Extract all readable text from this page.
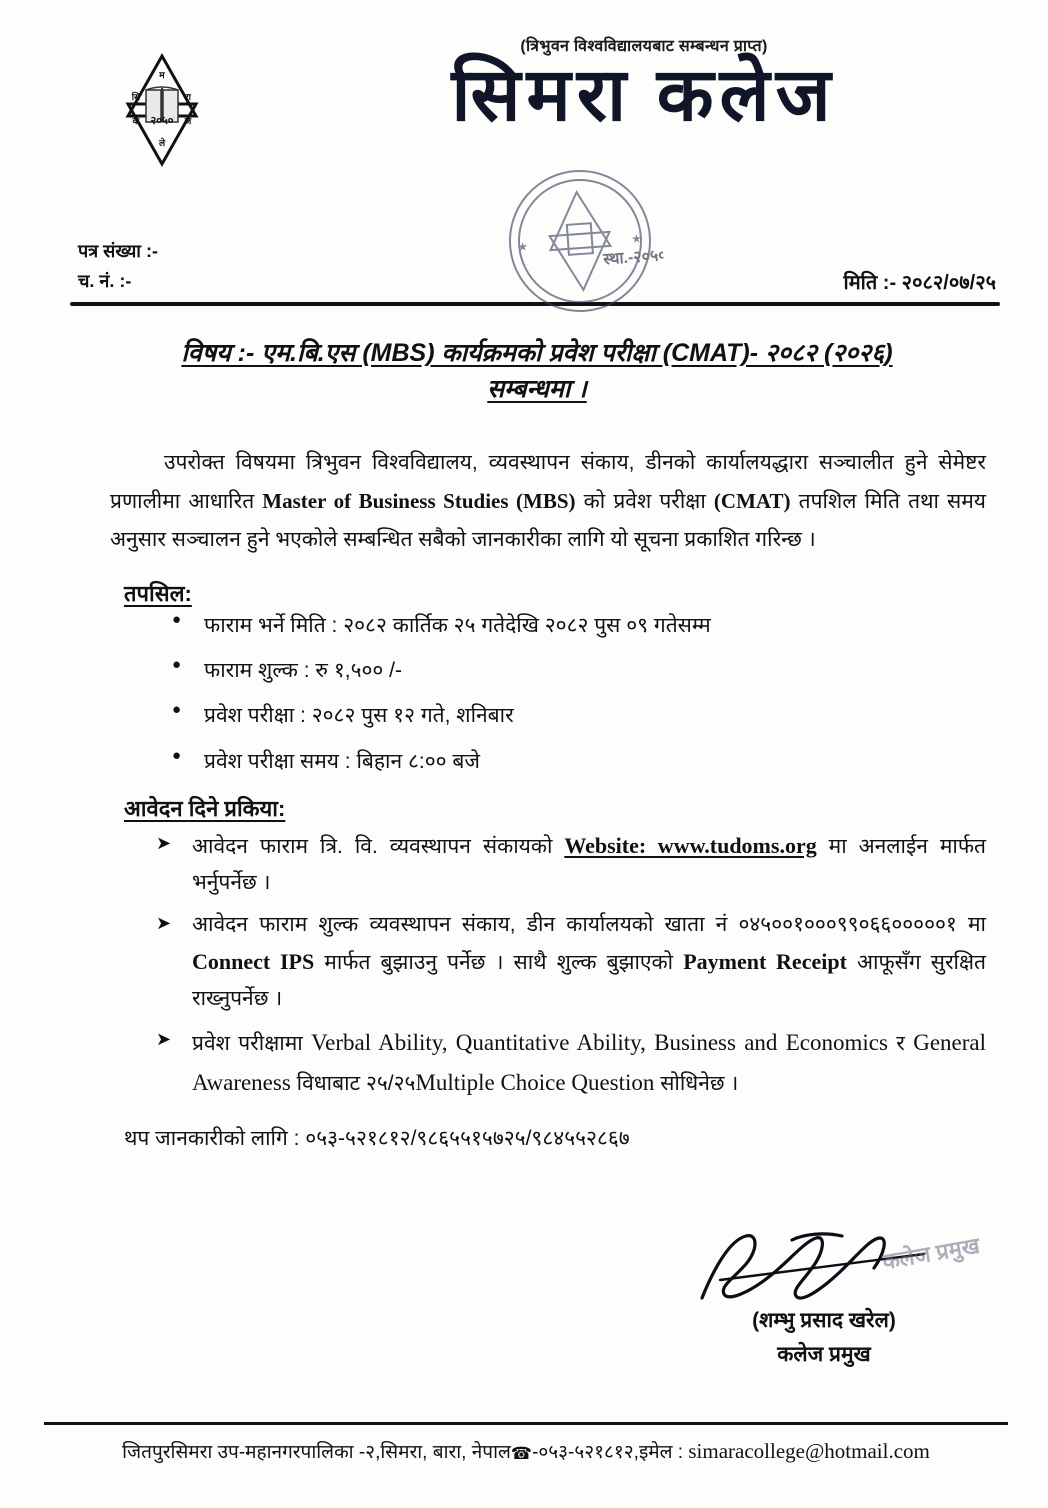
म
सि	रा
क	ज
ले
२०५०
★
★
स्था.-२०५०
(त्रिभुवन विश्वविद्यालयबाट सम्बन्धन प्राप्त)
सिमरा कलेज
पत्र संख्या :-
च. नं. :-	मिति :- २०८२/०७/२५
विषय :- एम.बि.एस (MBS) कार्यक्रमको प्रवेश परीक्षा (CMAT)- २०८२ (२०२६)
सम्बन्धमा ।

उपरोक्त विषयमा त्रिभुवन विश्वविद्यालय, व्यवस्थापन संकाय, डीनको कार्यालयद्धारा सञ्चालीत हुने सेमेष्टर प्रणालीमा आधारित Master of Business Studies (MBS) को प्रवेश परीक्षा (CMAT) तपशिल मिति तथा समय अनुसार सञ्चालन हुने भएकोले सम्बन्धित सबैको जानकारीका लागि यो सूचना प्रकाशित गरिन्छ ।

तपसिल:
● फाराम भर्ने मिति : २०८२ कार्तिक २५ गतेदेखि २०८२ पुस ०९ गतेसम्म
● फाराम शुल्क : रु १,५०० /-
● प्रवेश परीक्षा : २०८२ पुस १२ गते, शनिबार
● प्रवेश परीक्षा समय : बिहान ८:०० बजे
आवेदन दिने प्रकिया:
➤ आवेदन फाराम त्रि. वि. व्यवस्थापन संकायको Website: www.tudoms.org मा अनलाईन मार्फत भर्नुपर्नेछ ।
➤ आवेदन फाराम शुल्क व्यवस्थापन संकाय, डीन कार्यालयको खाता नं ०४५००१०००९९०६६०००००१ मा Connect IPS मार्फत बुझाउनु पर्नेछ । साथै शुल्क बुझाएको Payment Receipt आफूसँग सुरक्षित राख्नुपर्नेछ ।
➤ प्रवेश परीक्षामा Verbal Ability, Quantitative Ability, Business and Economics र General Awareness विधाबाट २५/२५Multiple Choice Question सोधिनेछ ।
थप जानकारीको लागि : ०५३-५२१८१२/९८६५५१५७२५/९८४५५२८६७
कलेज प्रमुख
(शम्भु प्रसाद खरेल)
कलेज प्रमुख
जितपुरसिमरा उप-महानगरपालिका -२,सिमरा, बारा, नेपाल☎-०५३-५२१८१२,इमेल : simaracollege@hotmail.com
